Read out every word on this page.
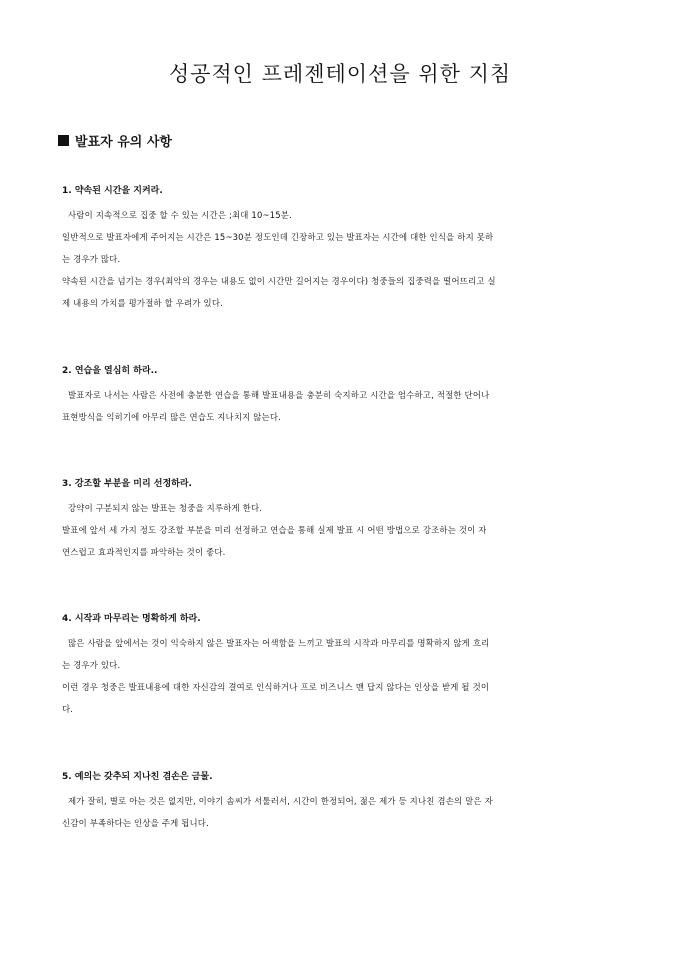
성공적인 프레젠테이션을 위한 지침
발표자 유의 사항
1. 약속된 시간을 지켜라.
사람이 지속적으로 집중 할 수 있는 시간은 ;최대 10~15분.
일반적으로 발표자에게 주어지는 시간은 15~30분 정도인데 긴장하고 있는 발표자는 시간에 대한 인식을 하지 못하
는 경우가 많다.
약속된 시간을 넘기는 경우(최악의 경우는 내용도 없이 시간만 길어지는 경우이다) 청중들의 집중력을 떨어뜨리고 실
제 내용의 가치를 평가절하 할 우려가 있다.
2. 연습을 열심히 하라..
발표자로 나서는 사람은 사전에 충분한 연습을 통해 발표내용을 충분히 숙지하고 시간을 엄수하고, 적절한 단어나
표현방식을 익히기에 아무리 많은 연습도 지나치지 않는다.
3. 강조할 부분을 미리 선정하라.
강약이 구분되지 않는 발표는 청중을 지루하게 한다.
발표에 앞서 세 가지 정도 강조할 부분을 미리 선정하고 연습을 통해 실제 발표 시 어떤 방법으로 강조하는 것이 자
연스럽고 효과적인지를 파악하는 것이 좋다.
4. 시작과 마무리는 명확하게 하라.
많은 사람을 앞에서는 것이 익숙하지 않은 발표자는 어색함을 느끼고 발표의 시작과 마무리를 명확하지 않게 흐리
는 경우가 있다.
이런 경우 청중은 발표내용에 대한 자신감의 결여로 인식하거나 프로 비즈니스 맨 답지 않다는 인상을 받게 될 것이
다.
5. 예의는 갖추되 지나친 겸손은 금물.
제가 잘히, 별로 아는 것은 없지만, 이야기 솜씨가 서툴러서, 시간이 한정되어, 젊은 제가 등 지나친 겸손의 말은 자
신감이 부족하다는 인상을 주게 됩니다.
